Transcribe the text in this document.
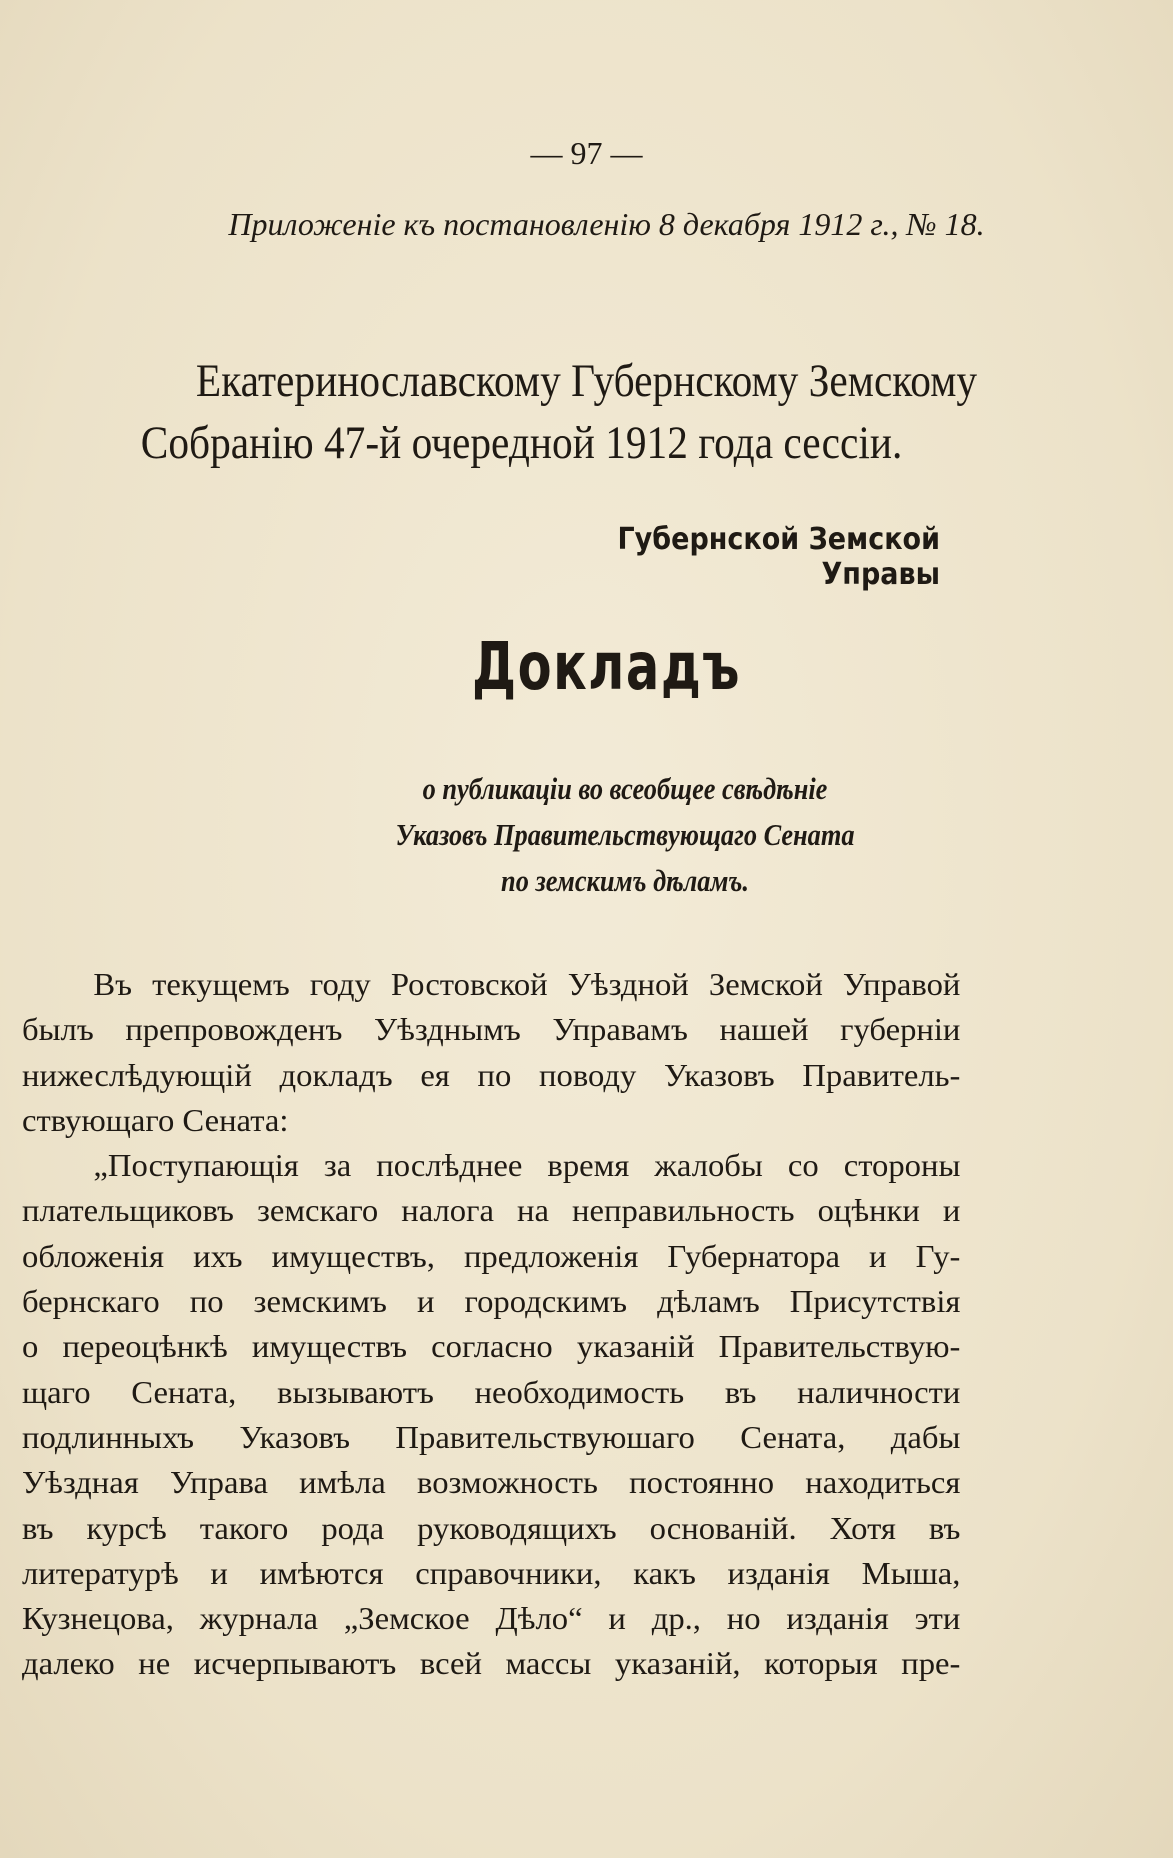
— 97 —
Приложеніе къ постановленію 8 декабря 1912 г., № 18.
Екатеринославскому Губернскому Земскому
Собранію 47-й очередной 1912 года сессіи.
Губернской Земской Управы
Докладъ
о публикаціи во всеобщее свѣдѣніе
Указовъ Правительствующаго Сената
по земскимъ дѣламъ.
Въ текущемъ году Ростовской Уѣздной Земской Управой
былъ препровожденъ Уѣзднымъ Управамъ нашей губерніи
нижеслѣдующій докладъ ея по поводу Указовъ Правитель-
ствующаго Сената:
„Поступающія за послѣднее время жалобы со стороны
плательщиковъ земскаго налога на неправильность оцѣнки и
обложенія ихъ имуществъ, предложенія Губернатора и Гу-
бернскаго по земскимъ и городскимъ дѣламъ Присутствія
о переоцѣнкѣ имуществъ согласно указаній Правительствую-
щаго Сената, вызываютъ необходимость въ наличности
подлинныхъ Указовъ Правительствуюшаго Сената, дабы
Уѣздная Управа имѣла возможность постоянно находиться
въ курсѣ такого рода руководящихъ основаній. Хотя въ
литературѣ и имѣются справочники, какъ изданія Мыша,
Кузнецова, журнала „Земское Дѣло“ и др., но изданія эти
далеко не исчерпываютъ всей массы указаній, которыя пре-
